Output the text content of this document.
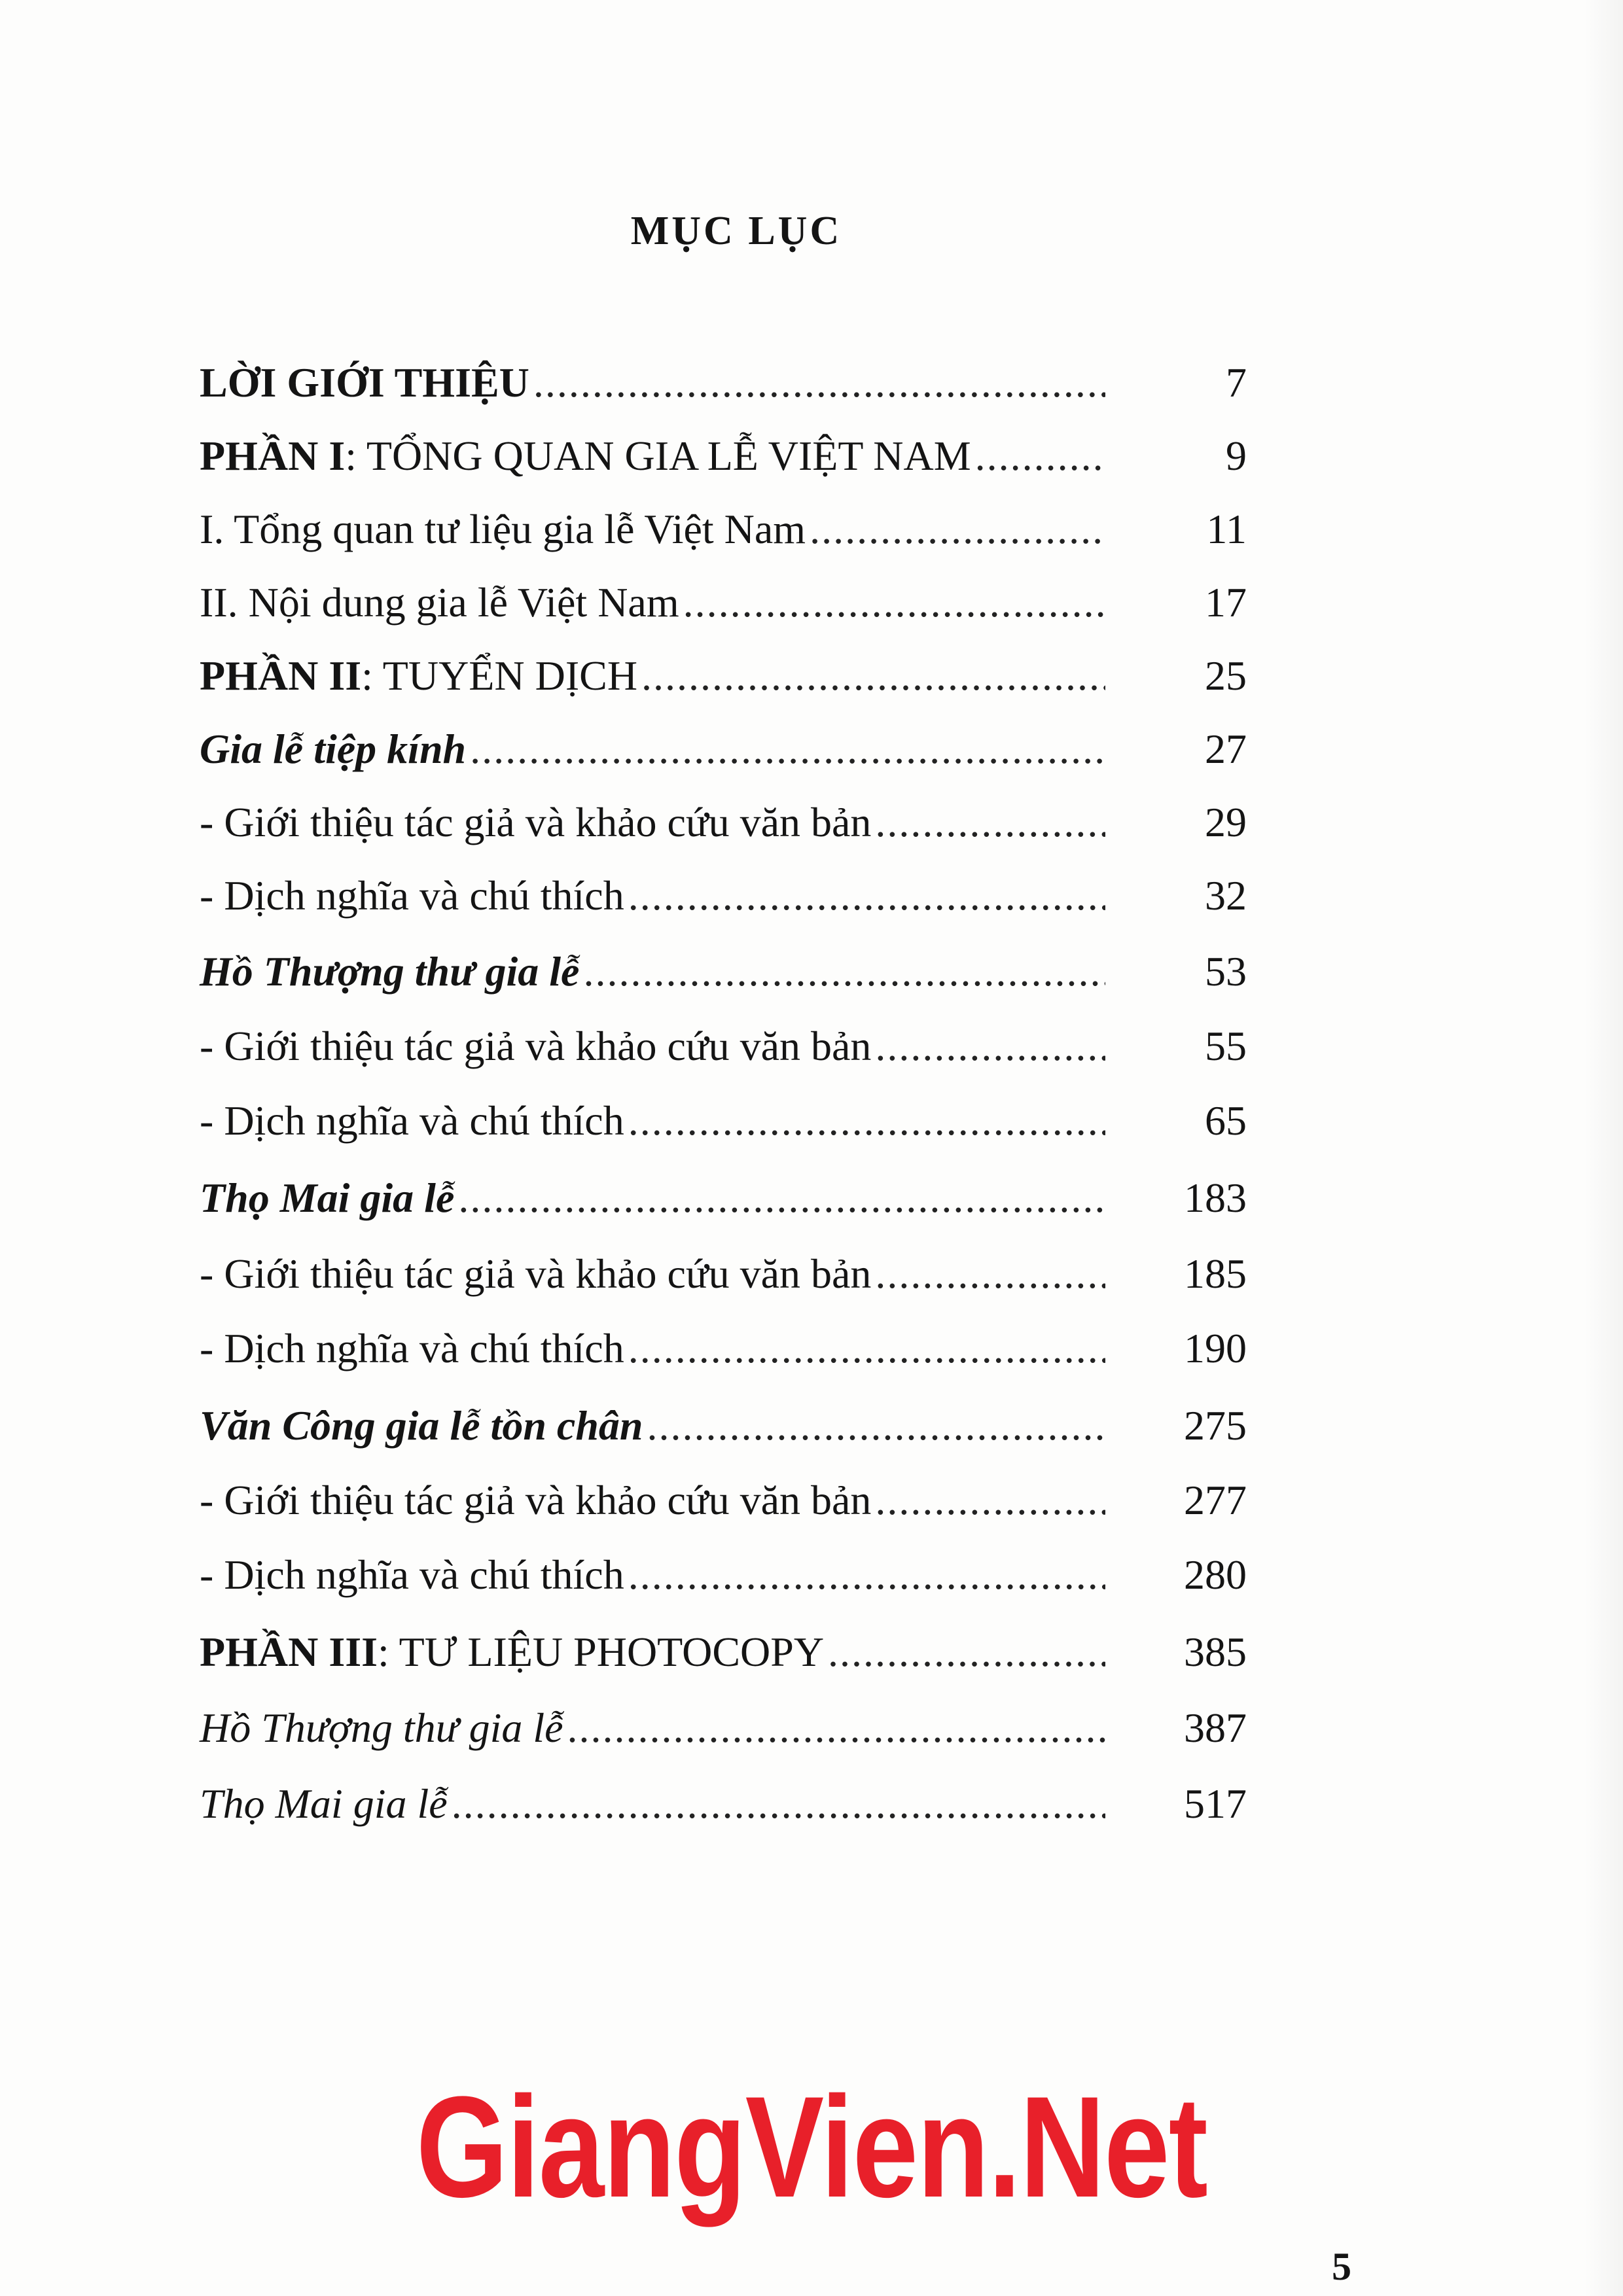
MỤC LỤC
LỜI GIỚI THIỆU .....	7
PHẦN I: TỔNG QUAN GIA LỄ VIỆT NAM .....	9
I. Tổng quan tư liệu gia lễ Việt Nam .....	11
II. Nội dung gia lễ Việt Nam .....	17
PHẦN II: TUYỂN DỊCH .....	25
Gia lễ tiệp kính .....	27
- Giới thiệu tác giả và khảo cứu văn bản .....	29
- Dịch nghĩa và chú thích .....	32
Hồ Thượng thư gia lễ .....	53
- Giới thiệu tác giả và khảo cứu văn bản .....	55
- Dịch nghĩa và chú thích .....	65
Thọ Mai gia lễ .....	183
- Giới thiệu tác giả và khảo cứu văn bản .....	185
- Dịch nghĩa và chú thích .....	190
Văn Công gia lễ tồn chân .....	275
- Giới thiệu tác giả và khảo cứu văn bản .....	277
- Dịch nghĩa và chú thích .....	280
PHẦN III: TƯ LIỆU PHOTOCOPY .....	385
Hồ Thượng thư gia lễ .....	387
Thọ Mai gia lễ .....	517
GiangVien.Net
5
